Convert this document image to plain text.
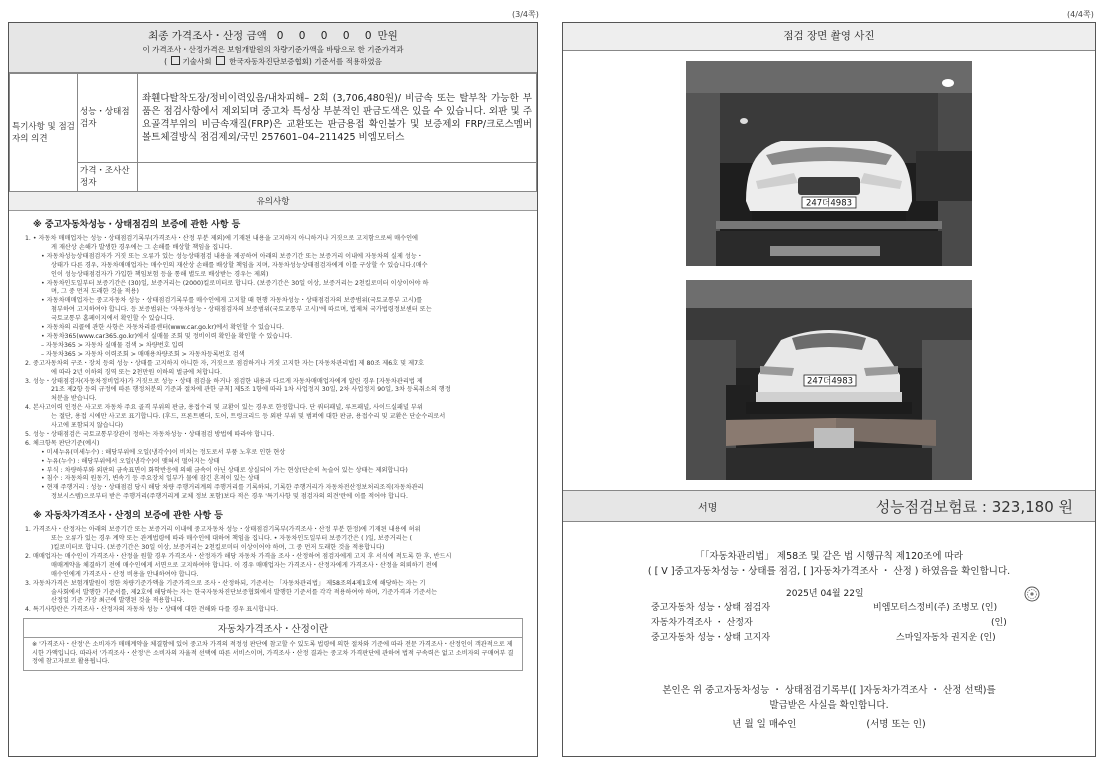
(3/4쪽)
최종 가격조사・산정 금액 0 0 0 0 0만원
이 가격조사・산정가격은 보험개발원의 차량기준가액을 바탕으로 한 기준가격과
( 기술사회 한국자동차진단보증협회) 기준서를 적용하였음
특기사항 및 점검자의 의견	성능・상태점검자	좌휀다탈착도장/정비이력있음/내차피해– 2회 (3,706,480원)/ 비금속 또는 탈부착 가능한 부품은 점검사항에서 제외되며 중고차 특성상 부분적인 판금도색은 있을 수 있습니다. 외판 및 주요골격부위의 비금속재질(FRP)은 교환또는 판금용접 확인불가 및 보증제외 FRP/크로스멤버 볼트체결방식 점검제외/국민 257601–04–211425 비엠모터스
	가격・조사산정자	
유의사항
※ 중고자동차성능・상태점검의 보증에 관한 사항 등
1. • 자동차 매매업자는 성능・상태점검기록부(가격조사・산정 부분 제외)에 기재된 내용을 고지하지 아니하거나 거짓으로 고지함으로써 매수인에
게 재산상 손해가 발생한 경우에는 그 손해를 배상할 책임을 집니다.
• 자동차성능상태점검자가 거짓 또는 오류가 있는 성능상태점검 내용을 제공하여 아래의 보증기간 또는 보증거리 이내에 자동차의 실제 성능・
상태가 다른 경우, 자동차매매업자는 매수인의 재산상 손해를 배상할 책임을 지며, 자동차성능상태점검자에게 이를 구상할 수 있습니다.(매수
인이 성능상태점검자가 가입한 책임보험 등을 통해 별도로 배상받는 경우는 제외)
• 자동차인도일부터 보증기간은 (30)일, 보증거리는 (2000)킬로미터로 합니다. (보증기간은 30일 이상, 보증거리는 2천킬로미터 이상이어야 하
며, 그 중 먼저 도래한 것을 적용)
• 자동차매매업자는 중고자동차 성능・상태점검기록부를 매수인에게 고지할 때 현행 자동차성능・상태점검자의 보증범위(국토교통부 고시)를
첨부하여 고지하여야 합니다. 등 보증범위는 '자동차성능・상태점검자의 보증범위(국토교통부 고시)'에 따르며, 법제처 국가법령정보센터 또는
국토교통부 홈페이지에서 확인할 수 있습니다.
• 자동차의 리콜에 관한 사항은 자동차리콜센터(www.car.go.kr)에서 확인할 수 있습니다.
• 자동차365(www.car365.go.kr)에서 실매물 조회 및 정비이력 확인을 확인할 수 있습니다.
– 자동차365 > 자동차 실매물 검색 > 차량번호 입력
– 자동차365 > 자동차 이력조회 > 매매용차량조회 > 자동차등록번호 검색
2. 중고자동차의 구조・장치 등의 성능・상태를 고지하지 아니한 자, 거짓으로 점검하거나 거짓 고지한 자는 [자동차관리법] 제 80조 제6호 및 제7호
에 따라 2년 이하의 징역 또는 2천만원 이하의 벌금에 처합니다.
3. 성능・상태점검자(자동차정비업자)가 거짓으로 성능・상태 점검을 하거나 점검한 내용과 다르게 자동차매매업자에게 알린 경우 [자동차관리법 제
21조 제2항 등의 규정에 따른 행정처분의 기준과 절차에 관한 규칙] 제5조 1항에 따라 1차 사업정지 30일, 2차 사업정지 90일, 3차 등록취소의 행정
처분을 받습니다.
4. 본사고이력 인정은 사고로 자동차 주요 골격 부위의 판금, 용접수리 및 교환이 있는 경우로 한정합니다. 단 쿼터패널, 루프패널, 사이드실패널 부위
는 절단, 용접 시에만 사고로 표기합니다. (후드, 프론트펜더, 도어, 트렁크리드 등 외판 부위 및 범퍼에 대한 판금, 용접수리 및 교환은 단순수리로서
사고에 포함되지 않습니다)
5. 성능・상태점검은 국토교통부장관이 정하는 자동차성능・상태점검 방법에 따라야 합니다.
6. 체크항목 판단기준(예시)
• 미세누유(미세누수) : 해당부위에 오일(냉각수)이 비치는 정도로서 부품 노후로 인한 현상
• 누유(누수) : 해당부위에서 오일(냉각수)이 맺혀서 떨어지는 상태
• 부식 : 차량하부와 외판의 금속표면이 화학반응에 의해 금속이 아닌 상태로 상실되어 가는 현상(단순히 녹슬어 있는 상태는 제외합니다)
• 침수 : 자동차의 원동기, 변속기 등 주요장치 일부가 물에 잠긴 흔적이 있는 상태
• 현재 주행거리 : 성능・상태점검 당시 해당 차량 주행거리계의 주행거리를 기록하되, 기록한 주행거리가 자동차전산정보처리조직(자동차관리
정보시스템)으로부터 받은 주행거리(주행거리계 교체 정보 포함)보다 적은 경우 '특기사항 및 점검자의 의견'란에 이를 적어야 합니다.
※ 자동차가격조사・산정의 보증에 관한 사항 등
1. 가격조사・산정자는 아래의 보증기간 또는 보증거리 이내에 중고자동차 성능・상태점검기록부(가격조사・산정 부분 한정)에 기재된 내용에 허위
또는 오류가 있는 경우 계약 또는 관계법령에 따라 매수인에 대하여 책임을 집니다. • 자동차인도일부터 보증기간은 ( )일, 보증거리는 (
)킬로미터로 합니다. (보증기간은 30일 이상, 보증거리는 2천킬로미터 이상이어야 하며, 그 중 먼저 도래한 것을 적용합니다)
2. 매매업자는 매수인이 가격조사・산정을 원할 경우 가격조사・산정자가 해당 자동차 가격을 조사・산정하여 점검자에게 고지 후 서식에 적도록 한 후, 반드시
매매계약을 체결하기 전에 매수인에게 서면으로 고지하여야 합니다. 이 경우 매매업자는 가격조사・산정자에게 가격조사・산정을 의뢰하기 전에
매수인에게 가격조사・산정 비용을 안내하여야 합니다.
3. 자동차가격은 보험개발원이 정한 차량기준가액을 기준가격으로 조사・산정하되, 기준서는 「자동차관리법」 제58조의4제1호에 해당하는 자는 기
술사회에서 발행한 기준서를, 제2호에 해당하는 자는 한국자동차진단보증협회에서 발행한 기준서를 각각 적용하여야 하며, 기준가격과 기준서는
산정일 기준 가장 최근에 발행된 것을 적용합니다.
4. 특기사항란은 가격조사・산정자의 자동차 성능・상태에 대한 견해와 다를 경우 표시합니다.
자동차가격조사・산정이란
※ '가격조사・산정'은 소비자가 매매계약을 체결함에 있어 중고차 가격의 적정성 판단에 참고할 수 있도록 법령에 의한 절차와 기준에 따라 전문 가격조사・산정인이 객관적으로 제시한 가액입니다. 따라서 '가격조사・산정'은 소비자의 자율적 선택에 따른 서비스이며, 가격조사・산정 결과는 중고차 가격판단에 관하여 법적 구속력은 없고 소비자의 구매여부 결정에 참고자료로 활용됩니다.
(4/4쪽)
점검 장면 촬영 사진
247더4983
247더4983
서명	성능점검보험료 : 323,180 원
「「자동차관리법」 제58조 및 같은 법 시행규칙 제120조에 따라
( [ V ]중고자동차성능・상태를 점검, [ ]자동차가격조사 ・ 산정 ) 하였음을 확인합니다.
2025년 04월 22일
중고자동차 성능・상태 점검자	비엠모터스정비(주) 조병모 (인)
자동차가격조사 ・ 산정자	(인)
중고자동차 성능・상태 고지자	스마일자동차 권지운 (인)
본인은 위 중고자동차성능 ・ 상태점검기록부([ ]자동차가격조사 ・ 산정 선택)를
발급받은 사실을 확인합니다.
년 월 일 매수인	(서명 또는 인)
